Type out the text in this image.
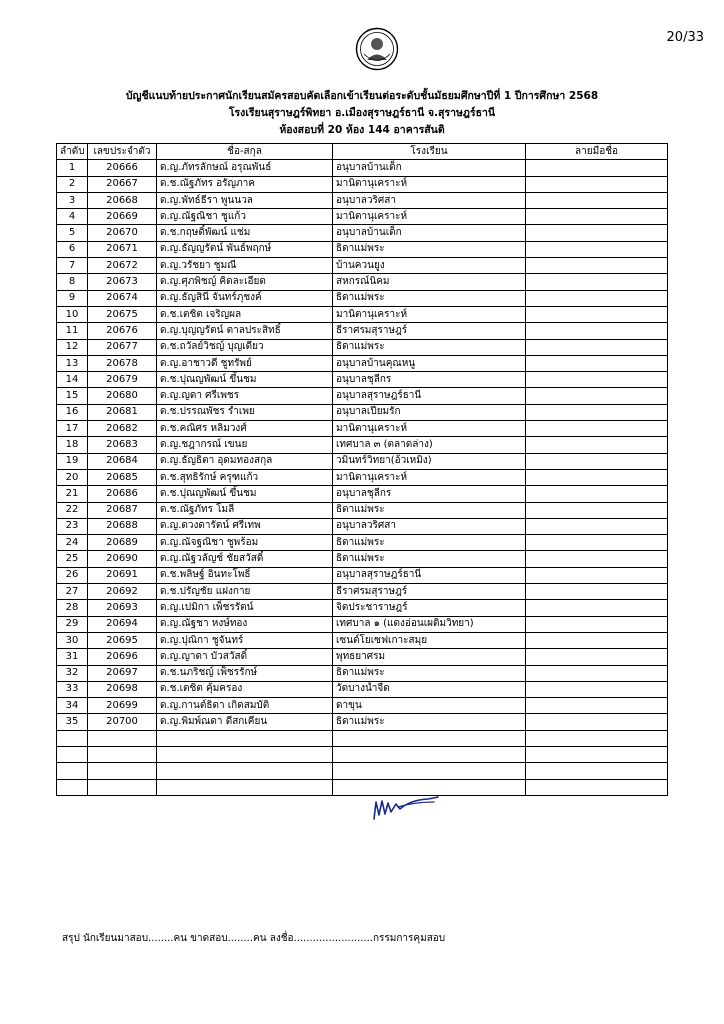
20/33
บัญชีแนบท้ายประกาศนักเรียนสมัครสอบคัดเลือกเข้าเรียนต่อระดับชั้นมัธยมศึกษาปีที่ 1 ปีการศึกษา 2568
โรงเรียนสุราษฎร์พิทยา อ.เมืองสุราษฎร์ธานี จ.สุราษฎร์ธานี
ห้องสอบที่ 20 ห้อง 144 อาคารสันติ
ลำดับ	เลขประจำตัว	ชื่อ-สกุล	โรงเรียน	ลายมือชื่อ
1	20666	ด.ญ.ภัทรลักษณ์ อรุณพันธ์	อนุบาลบ้านเด็ก	
2	20667	ด.ช.ณัฐภัทร อรัญภาค	มานิตานุเคราะห์	
3	20668	ด.ญ.พัทธ์ธีรา พูนนวล	อนุบาลวริศสา	
4	20669	ด.ญ.ณัฐณิชา ชูแก้ว	มานิตานุเคราะห์	
5	20670	ด.ช.กฤษดิ์พัฒน์ แช่ม	อนุบาลบ้านเด็ก	
6	20671	ด.ญ.ธัญญรัตน์ พันธ์พฤกษ์	ธิดาแม่พระ	
7	20672	ด.ญ.วรัชยา ชูมณี	บ้านควนยูง	
8	20673	ด.ญ.ศุภพิชญ์ คิดละเอียด	สหกรณ์นิคม	
9	20674	ด.ญ.ธัญสินี จันทร์ภุชงค์	ธิดาแม่พระ	
10	20675	ด.ช.เตชิต เจริญผล	มานิตานุเคราะห์	
11	20676	ด.ญ.บุญญรัตน์ ตาลประสิทธิ์	ธีราศรมสุราษฎร์	
12	20677	ด.ช.ถวัลย์วิชญ์ บุญเดียว	ธิดาแม่พระ	
13	20678	ด.ญ.อาชาวดี ชูทรัพย์	อนุบาลบ้านคุณหนู	
14	20679	ด.ช.ปุณญพัฒน์ ขึ้นชม	อนุบาลชุลีกร	
15	20680	ด.ญ.ญดา ศรีเพชร	อนุบาลสุราษฎร์ธานี	
16	20681	ด.ช.ปรรณพัชร รำเพย	อนุบาลเปี่ยมรัก	
17	20682	ด.ช.คณิศร หลิมวงศ์	มานิตานุเคราะห์	
18	20683	ด.ญ.ชฎากรณ์ เขนย	เทศบาล ๓ (ตลาดล่าง)	
19	20684	ด.ญ.ธัญธิตา อุดมทองสกุล	วมินทร์วิทยา(อ้วเหมิง)	
20	20685	ด.ช.สุทธิรักษ์ ครุฑแก้ว	มานิตานุเคราะห์	
21	20686	ด.ช.ปุณญพัฒน์ ขึ้นชม	อนุบาลชุลีกร	
22	20687	ด.ช.ณัฐภัทร โมลี	ธิดาแม่พระ	
23	20688	ด.ญ.ดวงดารัตน์ ศรีเทพ	อนุบาลวริศสา	
24	20689	ด.ญ.ณัจฐณิชา ชูพร้อม	ธิดาแม่พระ	
25	20690	ด.ญ.ณัฐวลัญช์ ชัยสวัสดิ์	ธิดาแม่พระ	
26	20691	ด.ช.พลิษฐ์ อินทะโพธิ์	อนุบาลสุราษฎร์ธานี	
27	20692	ด.ช.ปรัญชัย แฝงกาย	ธีราศรมสุราษฎร์	
28	20693	ด.ญ.เปมิกา เพ็ชรรัตน์	จิตประชาราษฎร์	
29	20694	ด.ญ.ณัฐชา หงษ์ทอง	เทศบาล ๑ (แดงอ่อนเผดิมวิทยา)	
30	20695	ด.ญ.ปุณิกา ชูจันทร์	เซนต์โยเซฟเกาะสมุย	
31	20696	ด.ญ.ญาดา บัวสวัสดิ์	พุทธยาศรม	
32	20697	ด.ช.นภริชญ์ เพ็ชรรักษ์	ธิดาแม่พระ	
33	20698	ด.ช.เตชิต คุ้มครอง	วัดบางน้ำจืด	
34	20699	ด.ญ.กานต์ธิดา เกิดสมบัติ	ดาขุน	
35	20700	ด.ญ.พิมพ์ณดา ดีสกเคียน	ธิดาแม่พระ	

สรุป นักเรียนมาสอบ........คน ขาดสอบ........คน ลงชื่อ.........................กรรมการคุมสอบ
